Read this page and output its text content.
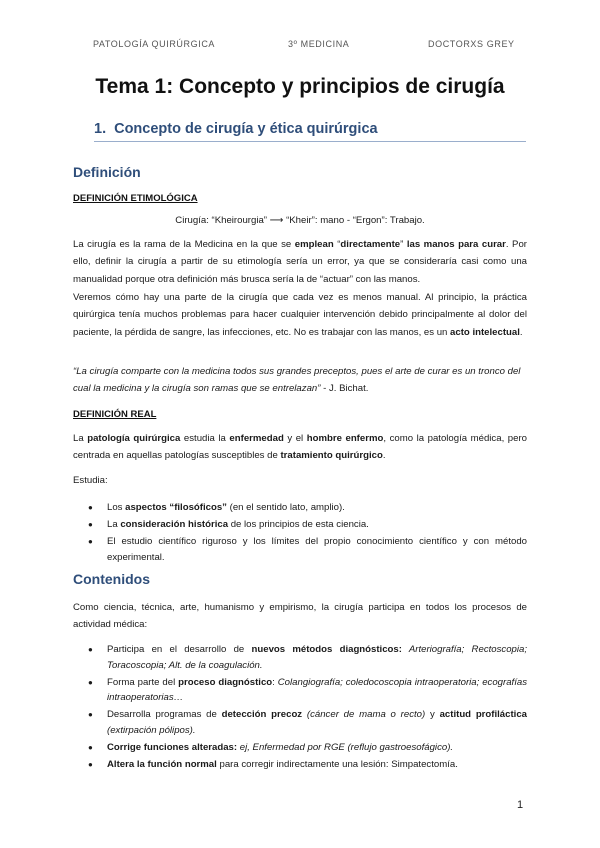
PATOLOGÍA QUIRÚRGICA	3º MEDICINA	DOCTORXS GREY
Tema 1: Concepto y principios de cirugía
1. Concepto de cirugía y ética quirúrgica
Definición
DEFINICIÓN ETIMOLÓGICA
Cirugía: “Kheirourgia” ⟶ “Kheir”: mano - “Ergon”: Trabajo.
La cirugía es la rama de la Medicina en la que se emplean “directamente” las manos para curar. Por ello, definir la cirugía a partir de su etimología sería un error, ya que se consideraría casi como una manualidad porque otra definición más brusca sería la de “actuar” con las manos.
Veremos cómo hay una parte de la cirugía que cada vez es menos manual. Al principio, la práctica quirúrgica tenía muchos problemas para hacer cualquier intervención debido principalmente al dolor del paciente, la pérdida de sangre, las infecciones, etc. No es trabajar con las manos, es un acto intelectual.
“La cirugía comparte con la medicina todos sus grandes preceptos, pues el arte de curar es un tronco del cual la medicina y la cirugía son ramas que se entrelazan” - J. Bichat.
DEFINICIÓN REAL
La patología quirúrgica estudia la enfermedad y el hombre enfermo, como la patología médica, pero centrada en aquellas patologías susceptibles de tratamiento quirúrgico.
Estudia:
● Los aspectos “filosóficos” (en el sentido lato, amplio).
● La consideración histórica de los principios de esta ciencia.
● El estudio científico riguroso y los límites del propio conocimiento científico y con método experimental.
Contenidos
Como ciencia, técnica, arte, humanismo y empirismo, la cirugía participa en todos los procesos de actividad médica:
● Participa en el desarrollo de nuevos métodos diagnósticos: Arteriografía; Rectoscopia; Toracoscopia; Alt. de la coagulación.
● Forma parte del proceso diagnóstico: Colangiografía; coledocoscopia intraoperatoria; ecografías intraoperatorias…
● Desarrolla programas de detección precoz (cáncer de mama o recto) y actitud profiláctica (extirpación pólipos).
● Corrige funciones alteradas: ej, Enfermedad por RGE (reflujo gastroesofágico).
● Altera la función normal para corregir indirectamente una lesión: Simpatectomía.
1
